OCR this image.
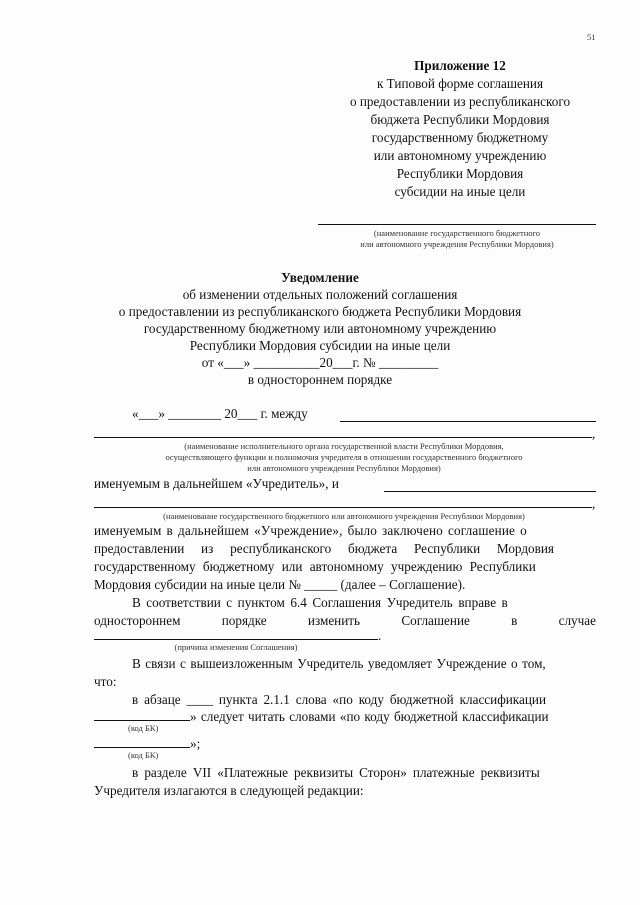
51
Приложение 12
к Типовой форме соглашения
о предоставлении из республиканского
бюджета Республики Мордовия
государственному бюджетному
или автономному учреждению
Республики Мордовия
субсидии на иные цели
(наименование государственного бюджетного
или автономного учреждения Республики Мордовия)
Уведомление
об изменении отдельных положений соглашения
о предоставлении из республиканского бюджета Республики Мордовия
государственному бюджетному или автономному учреждению
Республики Мордовия субсидии на иные цели
от «___» __________20___г. № _________
в одностороннем порядке
«___» ________ 20___ г. между
,
(наименование исполнительного органа государственной власти Республики Мордовия,
осуществляющего функции и полномочия учредителя в отношении государственного бюджетного
или автономного учреждения Республики Мордовия)
именуемым в дальнейшем «Учредитель», и
,
(наименование государственного бюджетного или автономного учреждения Республики Мордовия)
именуемым в дальнейшем «Учреждение», было заключено соглашение о
предоставлении из республиканского бюджета Республики Мордовия
государственному бюджетному или автономному учреждению Республики
Мордовия субсидии на иные цели № _____ (далее – Соглашение).
В соответствии с пунктом 6.4 Соглашения Учредитель вправе в
одностороннем	порядке	изменить	Соглашение	в	случае
.
(причина изменения Соглашения)
В связи с вышеизложенным Учредитель уведомляет Учреждение о том,
что:
в абзаце ____ пункта 2.1.1 слова «по коду бюджетной классификации
» следует читать словами «по коду бюджетной классификации
(код БК)
»;
(код БК)
в разделе VII «Платежные реквизиты Сторон» платежные реквизиты
Учредителя излагаются в следующей редакции:
